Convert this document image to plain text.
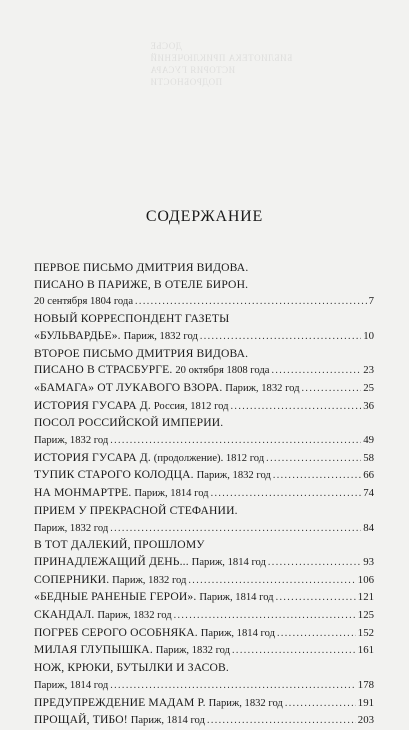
ДОСЬЕ
БИБЛИОТЕКА ПРИКЛЮЧЕНИЙ
ИСТОРИЯ ГУСАРА
ПОДРОБНОСТИ
СОДЕРЖАНИЕ
ПЕРВОЕ ПИСЬМО ДМИТРИЯ ВИДОВА.
ПИСАНО В ПАРИЖЕ, В ОТЕЛЕ БИРОН.
20 сентября 1804 года .....	7
НОВЫЙ КОРРЕСПОНДЕНТ ГАЗЕТЫ
«БУЛЬВАРДЬЕ». Париж, 1832 год .....	10
ВТОРОЕ ПИСЬМО ДМИТРИЯ ВИДОВА.
ПИСАНО В СТРАСБУРГЕ. 20 октября 1808 года .....	23
«БАМАГА» ОТ ЛУКАВОГО ВЗОРА. Париж, 1832 год .....	25
ИСТОРИЯ ГУСАРА Д. Россия, 1812 год .....	36
ПОСОЛ РОССИЙСКОЙ ИМПЕРИИ.
Париж, 1832 год .....	49
ИСТОРИЯ ГУСАРА Д. (продолжение). 1812 год .....	58
ТУПИК СТАРОГО КОЛОДЦА. Париж, 1832 год .....	66
НА МОНМАРТРЕ. Париж, 1814 год .....	74
ПРИЕМ У ПРЕКРАСНОЙ СТЕФАНИИ.
Париж, 1832 год .....	84
В ТОТ ДАЛЕКИЙ, ПРОШЛОМУ
ПРИНАДЛЕЖАЩИЙ ДЕНЬ... Париж, 1814 год .....	93
СОПЕРНИКИ. Париж, 1832 год .....	106
«БЕДНЫЕ РАНЕНЫЕ ГЕРОИ». Париж, 1814 год .....	121
СКАНДАЛ. Париж, 1832 год .....	125
ПОГРЕБ СЕРОГО ОСОБНЯКА. Париж, 1814 год .....	152
МИЛАЯ ГЛУПЫШКА. Париж, 1832 год .....	161
НОЖ, КРЮКИ, БУТЫЛКИ И ЗАСОВ.
Париж, 1814 год .....	178
ПРЕДУПРЕЖДЕНИЕ МАДАМ Р. Париж, 1832 год .....	191
ПРОЩАЙ, ТИБО! Париж, 1814 год .....	203
